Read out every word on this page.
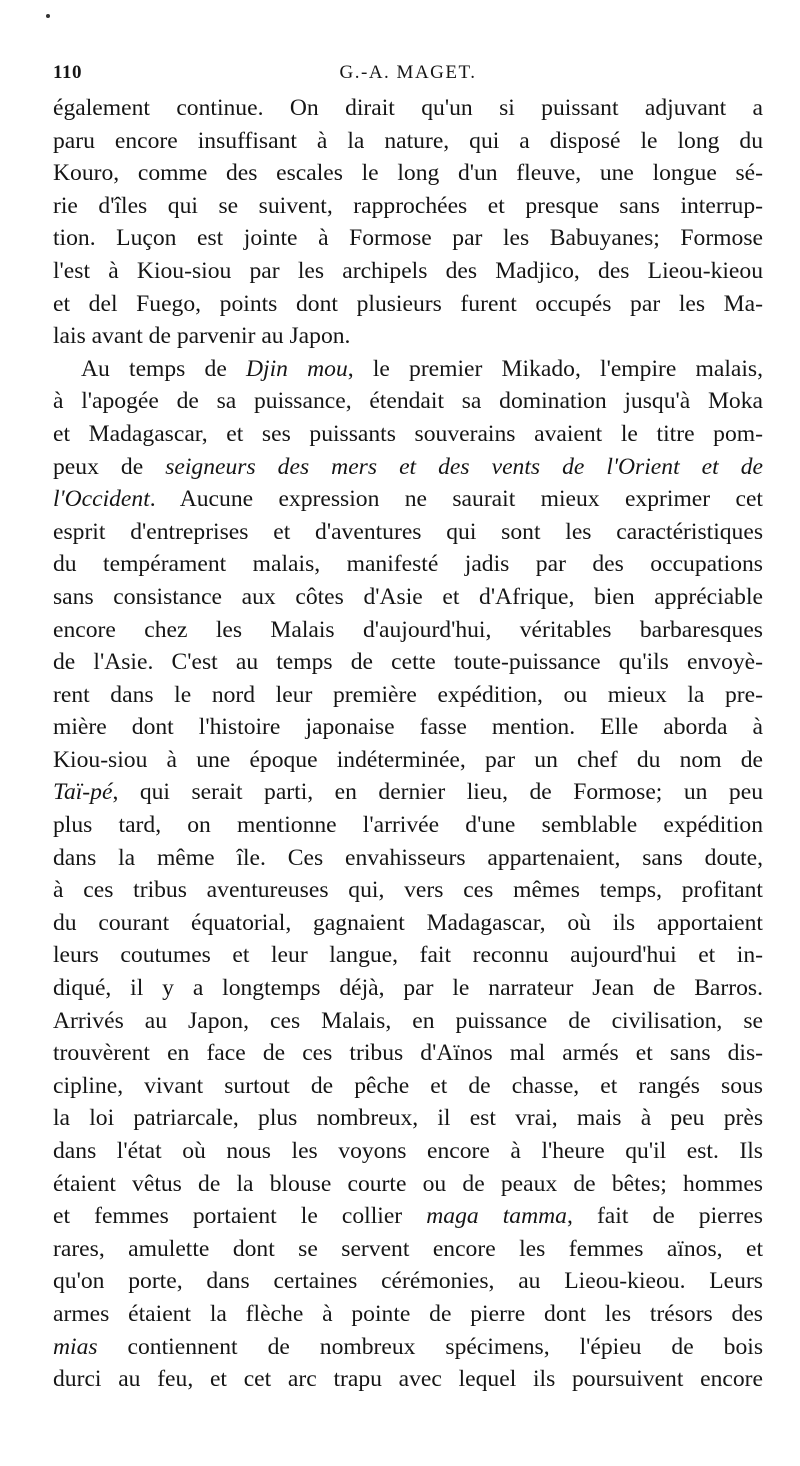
110	G.-A. MAGET.
également continue. On dirait qu'un si puissant adjuvant a
paru encore insuffisant à la nature, qui a disposé le long du
Kouro, comme des escales le long d'un fleuve, une longue sé-
rie d'îles qui se suivent, rapprochées et presque sans interrup-
tion. Luçon est jointe à Formose par les Babuyanes; Formose
l'est à Kiou-siou par les archipels des Madjico, des Lieou-kieou
et del Fuego, points dont plusieurs furent occupés par les Ma-
lais avant de parvenir au Japon.
Au temps de Djin mou, le premier Mikado, l'empire malais,
à l'apogée de sa puissance, étendait sa domination jusqu'à Moka
et Madagascar, et ses puissants souverains avaient le titre pom-
peux de seigneurs des mers et des vents de l'Orient et de
l'Occident. Aucune expression ne saurait mieux exprimer cet
esprit d'entreprises et d'aventures qui sont les caractéristiques
du tempérament malais, manifesté jadis par des occupations
sans consistance aux côtes d'Asie et d'Afrique, bien appréciable
encore chez les Malais d'aujourd'hui, véritables barbaresques
de l'Asie. C'est au temps de cette toute-puissance qu'ils envoyè-
rent dans le nord leur première expédition, ou mieux la pre-
mière dont l'histoire japonaise fasse mention. Elle aborda à
Kiou-siou à une époque indéterminée, par un chef du nom de
Taï-pé, qui serait parti, en dernier lieu, de Formose; un peu
plus tard, on mentionne l'arrivée d'une semblable expédition
dans la même île. Ces envahisseurs appartenaient, sans doute,
à ces tribus aventureuses qui, vers ces mêmes temps, profitant
du courant équatorial, gagnaient Madagascar, où ils apportaient
leurs coutumes et leur langue, fait reconnu aujourd'hui et in-
diqué, il y a longtemps déjà, par le narrateur Jean de Barros.
Arrivés au Japon, ces Malais, en puissance de civilisation, se
trouvèrent en face de ces tribus d'Aïnos mal armés et sans dis-
cipline, vivant surtout de pêche et de chasse, et rangés sous
la loi patriarcale, plus nombreux, il est vrai, mais à peu près
dans l'état où nous les voyons encore à l'heure qu'il est. Ils
étaient vêtus de la blouse courte ou de peaux de bêtes; hommes
et femmes portaient le collier maga tamma, fait de pierres
rares, amulette dont se servent encore les femmes aïnos, et
qu'on porte, dans certaines cérémonies, au Lieou-kieou. Leurs
armes étaient la flèche à pointe de pierre dont les trésors des
mias contiennent de nombreux spécimens, l'épieu de bois
durci au feu, et cet arc trapu avec lequel ils poursuivent encore
